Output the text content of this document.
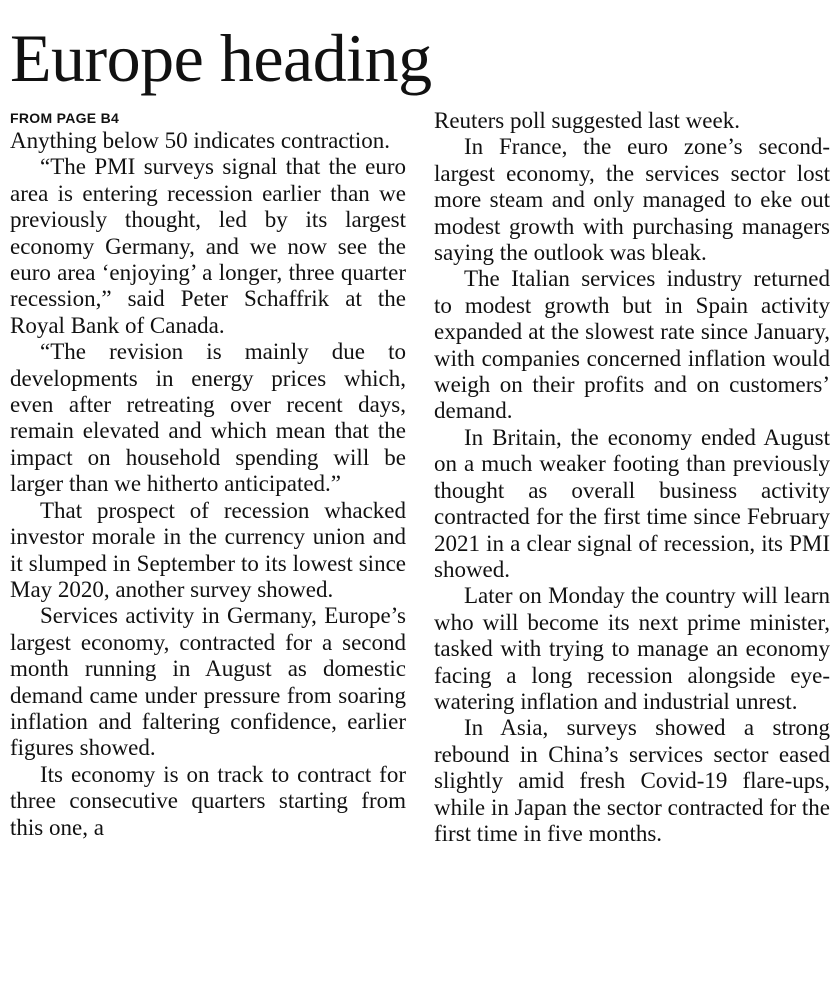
Europe heading
FROM PAGE B4

Anything below 50 indicates contraction.

“The PMI surveys signal that the euro area is entering recession earlier than we previously thought, led by its largest economy Germany, and we now see the euro area ‘enjoying’ a longer, three quarter recession,” said Peter Schaffrik at the Royal Bank of Canada.

“The revision is mainly due to developments in energy prices which, even after retreating over recent days, remain elevated and which mean that the impact on household spending will be larger than we hitherto anticipated.”

That prospect of recession whacked investor morale in the currency union and it slumped in September to its lowest since May 2020, another survey showed.

Services activity in Germany, Europe’s largest economy, contracted for a second month running in August as domestic demand came under pressure from soaring inflation and faltering confidence, earlier figures showed.

Its economy is on track to contract for three consecutive quarters starting from this one, a

Reuters poll suggested last week.

In France, the euro zone’s second-largest economy, the services sector lost more steam and only managed to eke out modest growth with purchasing managers saying the outlook was bleak.

The Italian services industry returned to modest growth but in Spain activity expanded at the slowest rate since January, with companies concerned inflation would weigh on their profits and on customers’ demand.

In Britain, the economy ended August on a much weaker footing than previously thought as overall business activity contracted for the first time since February 2021 in a clear signal of recession, its PMI showed.

Later on Monday the country will learn who will become its next prime minister, tasked with trying to manage an economy facing a long recession alongside eye-watering inflation and industrial unrest.

In Asia, surveys showed a strong rebound in China’s services sector eased slightly amid fresh Covid-19 flare-ups, while in Japan the sector contracted for the first time in five months.
